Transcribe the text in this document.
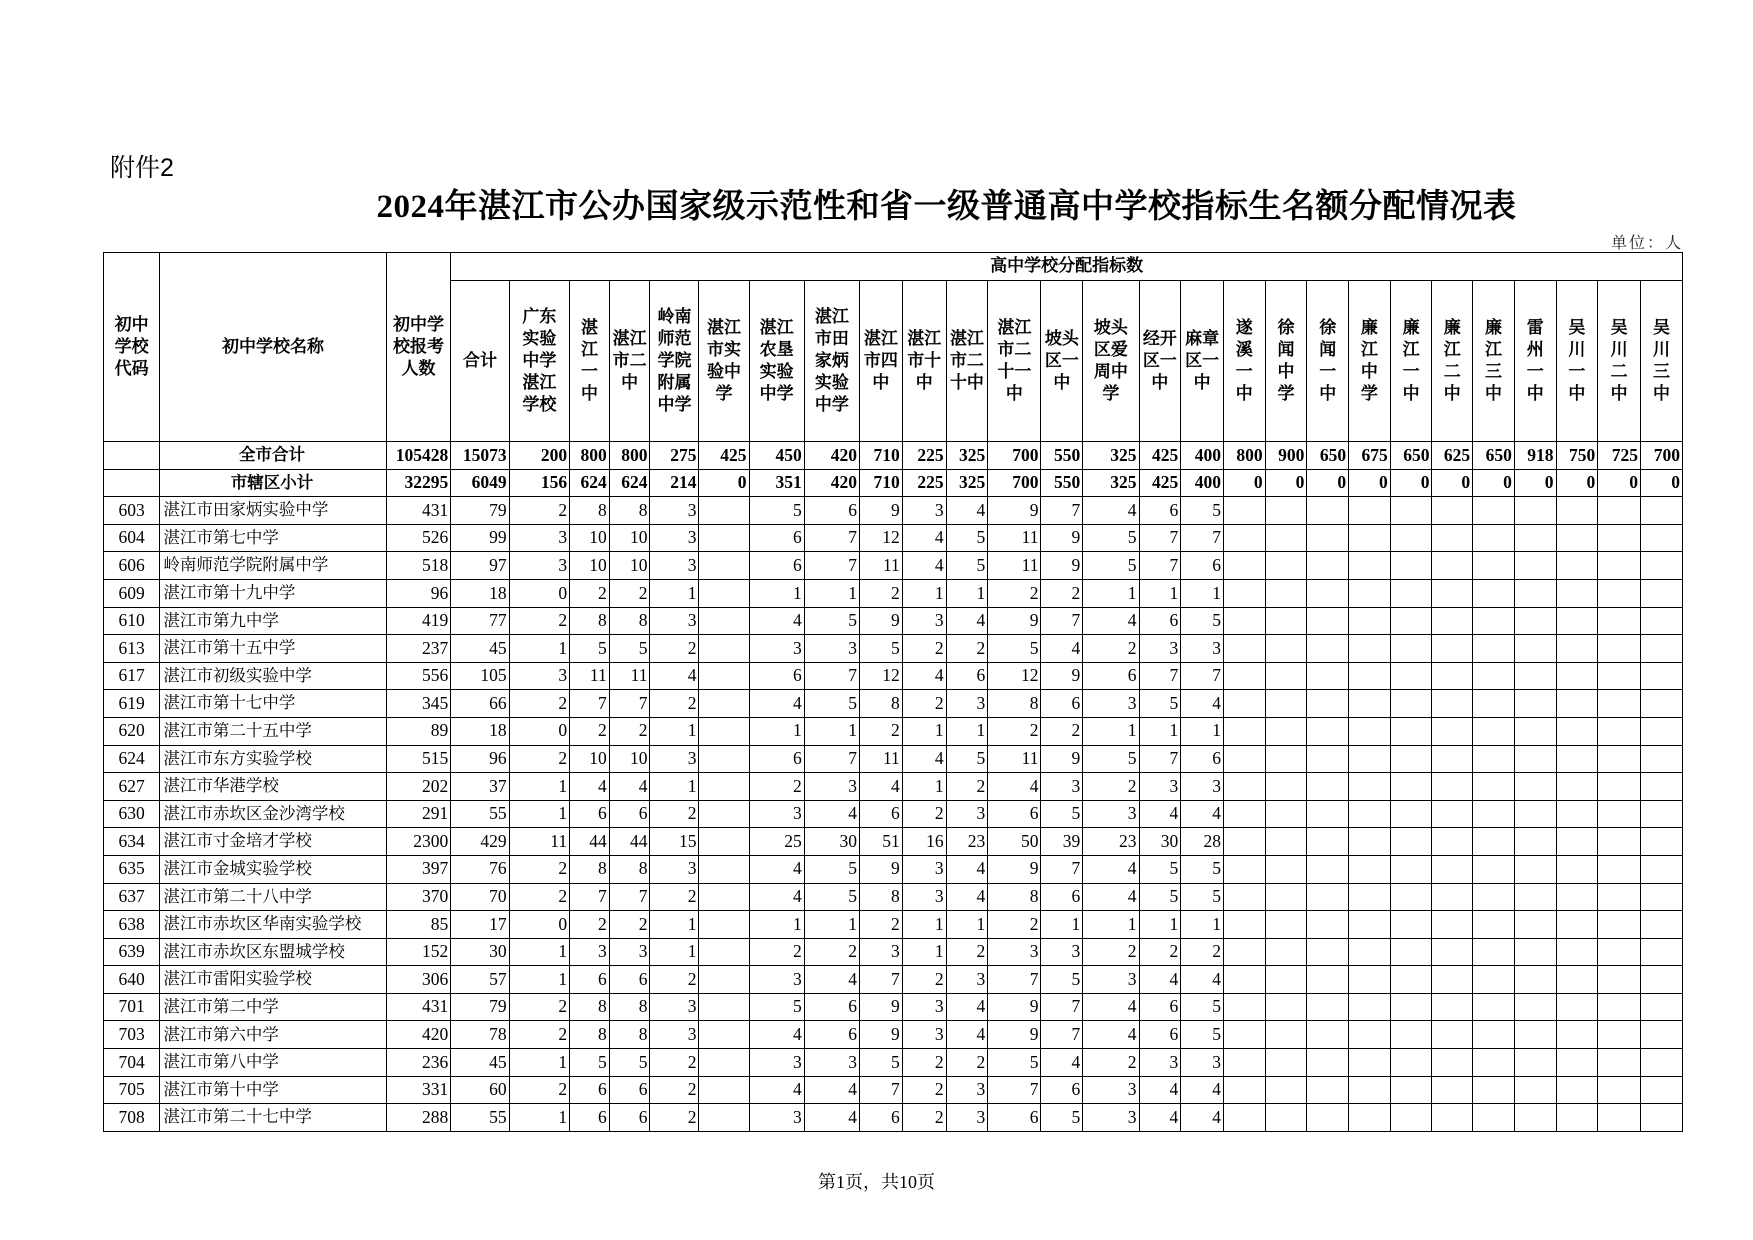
附件2
2024年湛江市公办国家级示范性和省一级普通高中学校指标生名额分配情况表
单位：人
初中学校代码	初中学校名称	初中学校报考人数	高中学校分配指标数																										
			合计	广东实验中学湛江学校	湛江一中	湛江市二中	岭南师范学院附属中学	湛江市实验中学	湛江农垦实验中学	湛江市田家炳实验中学	湛江市四中	湛江市十中	湛江市二十中	湛江市二十一中	坡头区一中	坡头区爱周中学	经开区一中	麻章区一中	遂溪一中	徐闻中学	徐闻一中	廉江中学	廉江一中	廉江二中	廉江三中	雷州一中	吴川一中	吴川二中	吴川三中
	全市合计	105428	15073	200	800	800	275	425	450	420	710	225	325	700	550	325	425	400	800	900	650	675	650	625	650	918	750	725	700
	市辖区小计	32295	6049	156	624	624	214	0	351	420	710	225	325	700	550	325	425	400	0	0	0	0	0	0	0	0	0	0	0
603	湛江市田家炳实验中学	431	79	2	8	8	3		5	6	9	3	4	9	7	4	6	5											
604	湛江市第七中学	526	99	3	10	10	3		6	7	12	4	5	11	9	5	7	7											
606	岭南师范学院附属中学	518	97	3	10	10	3		6	7	11	4	5	11	9	5	7	6											
609	湛江市第十九中学	96	18	0	2	2	1		1	1	2	1	1	2	2	1	1	1											
610	湛江市第九中学	419	77	2	8	8	3		4	5	9	3	4	9	7	4	6	5											
613	湛江市第十五中学	237	45	1	5	5	2		3	3	5	2	2	5	4	2	3	3											
617	湛江市初级实验中学	556	105	3	11	11	4		6	7	12	4	6	12	9	6	7	7											
619	湛江市第十七中学	345	66	2	7	7	2		4	5	8	2	3	8	6	3	5	4											
620	湛江市第二十五中学	89	18	0	2	2	1		1	1	2	1	1	2	2	1	1	1											
624	湛江市东方实验学校	515	96	2	10	10	3		6	7	11	4	5	11	9	5	7	6											
627	湛江市华港学校	202	37	1	4	4	1		2	3	4	1	2	4	3	2	3	3											
630	湛江市赤坎区金沙湾学校	291	55	1	6	6	2		3	4	6	2	3	6	5	3	4	4											
634	湛江市寸金培才学校	2300	429	11	44	44	15		25	30	51	16	23	50	39	23	30	28											
635	湛江市金城实验学校	397	76	2	8	8	3		4	5	9	3	4	9	7	4	5	5											
637	湛江市第二十八中学	370	70	2	7	7	2		4	5	8	3	4	8	6	4	5	5											
638	湛江市赤坎区华南实验学校	85	17	0	2	2	1		1	1	2	1	1	2	1	1	1	1											
639	湛江市赤坎区东盟城学校	152	30	1	3	3	1		2	2	3	1	2	3	3	2	2	2											
640	湛江市雷阳实验学校	306	57	1	6	6	2		3	4	7	2	3	7	5	3	4	4											
701	湛江市第二中学	431	79	2	8	8	3		5	6	9	3	4	9	7	4	6	5											
703	湛江市第六中学	420	78	2	8	8	3		4	6	9	3	4	9	7	4	6	5											
704	湛江市第八中学	236	45	1	5	5	2		3	3	5	2	2	5	4	2	3	3											
705	湛江市第十中学	331	60	2	6	6	2		4	4	7	2	3	7	6	3	4	4											
708	湛江市第二十七中学	288	55	1	6	6	2		3	4	6	2	3	6	5	3	4	4											
第1页，共10页
